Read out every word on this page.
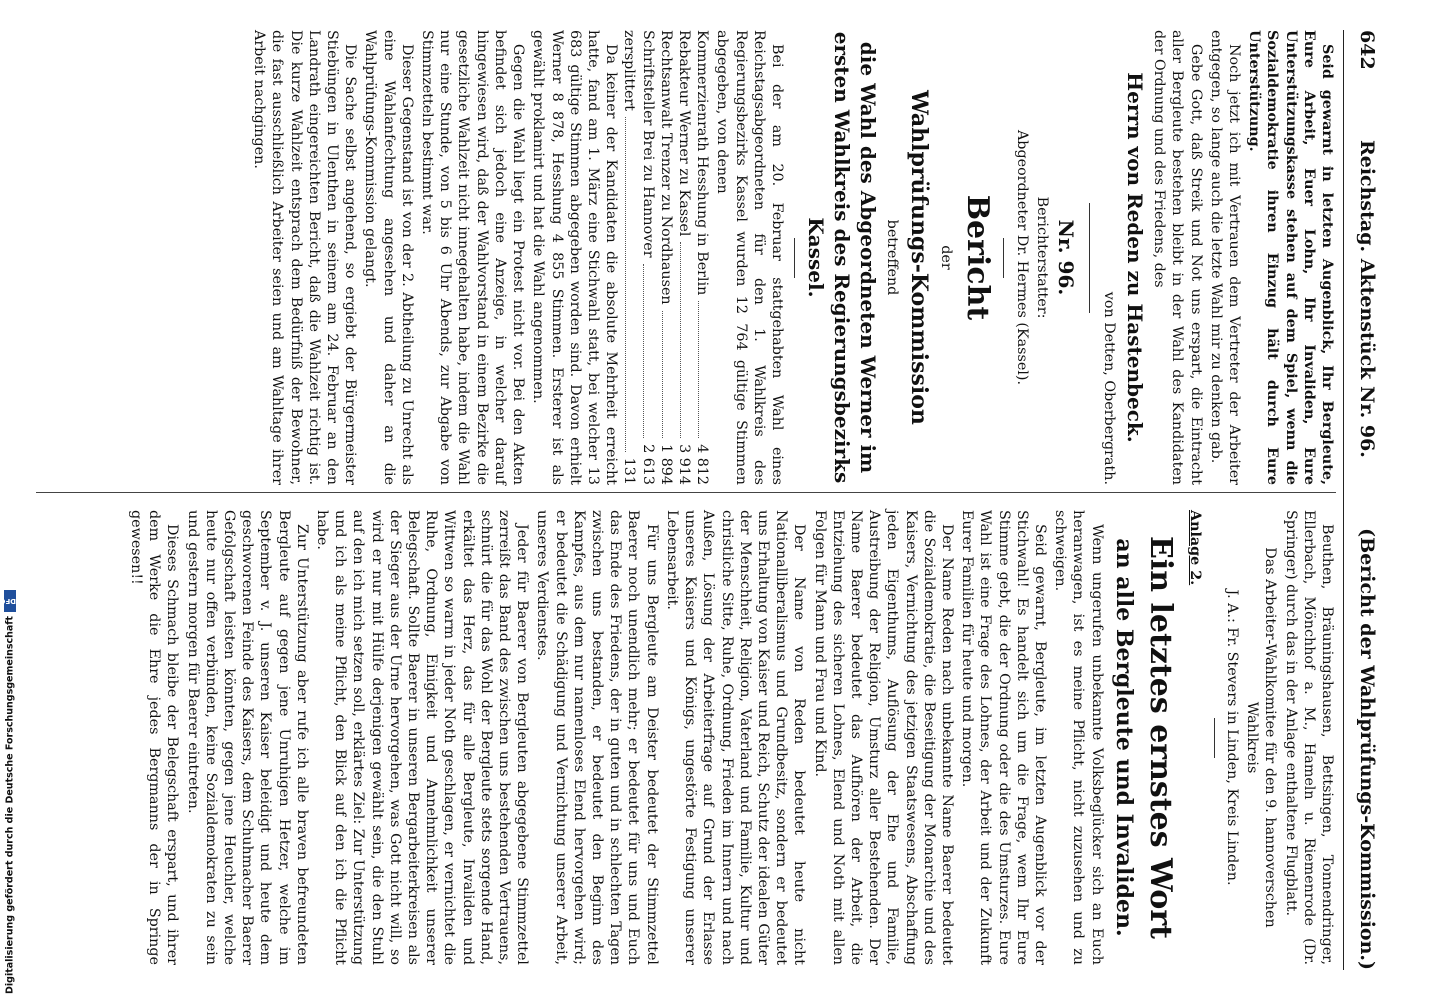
642
Reichstag. Aktenstück Nr. 96.
(Bericht der Wahlprüfungs-Kommission.)

Seid gewarnt in letzten Augenblick, Ihr Bergleute, Eure Arbeit, Euer Lohn, Ihr Invaliden, Eure Unterstützungskasse stehen auf dem Spiel, wenn die Sozialdemokratie ihren Einzug hält durch Eure Unterstützung.

Noch jetzt ich mit Vertrauen dem Vertreter der Arbeiter entgegen, so lange auch die letzte Wahl mir zu denken gab.

Gebe Gott, daß Streik und Not uns erspart, die Eintracht aller Bergleute bestehen bleibt in der Wahl des Kandidaten der Ordnung und des Friedens, des

Herrn von Reden zu Hastenbeck.

von Detten, Oberbergrath.

Nr. 96.

Berichterstatter:

Abgeordneter Dr. Hermes (Kassel).

Bericht

der

Wahlprüfungs-Kommission

betreffend

die Wahl des Abgeordneten Werner im ersten Wahlkreis des Regierungsbezirks Kassel.

Bei der am 20. Februar stattgehabten Wahl eines Reichstagsabgeordneten für den 1. Wahlkreis des Regierungsbezirks Kassel wurden 12 764 gültige Stimmen abgegeben, von denen

Kommerzienrath Hesshung in Berlin
4 812
Rebakteur Werner zu Kassel
3 914
Rechtsanwalt Trenzer zu Nordhausen
1 894
Schriftsteller Brei zu Hannover
2 613
zersplittert
131

Da keiner der Kandidaten die absolute Mehrheit erreicht hatte, fand am 1. März eine Stichwahl statt, bei welcher 13 683 gültige Stimmen abgegeben worden sind. Davon erhielt Werner 8 878, Hesshung 4 855 Stimmen. Ersterer ist als gewählt proklamirt und hat die Wahl angenommen.

Gegen die Wahl liegt ein Protest nicht vor. Bei den Akten befindet sich jedoch eine Anzeige, in welcher darauf hingewiesen wird, daß der Wahlvorstand in einem Bezirke die gesetzliche Wahlzeit nicht innegehalten habe, indem die Wahl nur eine Stunde, von 5 bis 6 Uhr Abends, zur Abgabe von Stimmzetteln bestimmt war.

Dieser Gegenstand ist von der 2. Abtheilung zu Unrecht als eine Wahlanfechtung angesehen und daher an die Wahlprüfungs-Kommission gelangt.

Die Sache selbst angehend, so ergiebt der Bürgermeister Stiebüngen in Ulenthen in seinem am 24. Februar an den Landrath eingereichten Bericht, daß die Wahlzeit richtig ist. Die kurze Wahlzeit entsprach dem Bedürfniß der Bewohner, die fast ausschließlich Arbeiter seien und am Wahltage ihrer Arbeit nachgingen.

Beuthen, Bräuningshausen, Bettsingen, Tonnendringer, Ellerbach, Mönchhof a. M., Hameln u. Riemenrode (Dr. Springer) durch das in der Anlage enthaltene Flugblatt.

Das Arbeiter-Wahlkomitee für den 9. hannoverschen Wahlkreis

J. A.: Fr. Stevers in Linden, Kreis Linden.

Anlage 2.

Ein letztes ernstes Wort

an alle Bergleute und Invaliden.

Wenn ungerufen unbekannte Volksbeglücker sich an Euch heranwagen, ist es meine Pflicht, nicht zuzusehen und zu schweigen.

Seid gewarnt, Bergleute, im letzten Augenblick vor der Stichwahl! Es handelt sich um die Frage, wem Ihr Eure Stimme gebt, die der Ordnung oder die des Umsturzes. Eure Wahl ist eine Frage des Lohnes, der Arbeit und der Zukunft Eurer Familien für heute und morgen.

Der Name Reden nach unbekannte Name Baerer bedeutet die Sozialdemokratie, die Beseitigung der Monarchie und des Kaisers, Vernichtung des jetzigen Staatswesens, Abschaffung jeden Eigenthums, Auflösung der Ehe und Familie, Austreibung der Religion, Umsturz aller Bestehenden. Der Name Baerer bedeutet das Aufhören der Arbeit, die Entziehung des sicheren Lohnes, Elend und Noth mit allen Folgen für Mann und Frau und Kind.

Der Name von Reden bedeutet heute nicht Nationalliberalismus und Grundbesitz, sondern er bedeutet uns Erhaltung von Kaiser und Reich, Schutz der idealen Güter der Menschheit, Religion, Vaterland und Familie, Kultur und christliche Sitte, Ruhe, Ordnung, Frieden im Innern und nach Außen, Lösung der Arbeiterfrage auf Grund der Erlasse unseres Kaisers und Königs, ungestörte Festigung unserer Lebensarbeit.

Für uns Bergleute am Deister bedeutet der Stimmzettel Baerer noch unendlich mehr; er bedeutet für uns und Euch das Ende des Friedens, der in guten und in schlechten Tagen zwischen uns bestanden, er bedeutet den Beginn des Kampfes, aus dem nur namenloses Elend hervorgehen wird; er bedeutet die Schädigung und Vernichtung unserer Arbeit, unseres Verdienstes.

Jeder für Baerer von Bergleuten abgegebene Stimmzettel zerreißt das Band des zwischen uns bestehenden Vertrauens, schnürt die für das Wohl der Bergleute stets sorgende Hand, erkältet das Herz, das für alle Bergleute, Invaliden und Wittwen so warm in jeder Noth geschlagen, er vernichtet die Ruhe, Ordnung, Einigkeit und Annehmlichkeit unserer Belegschaft. Sollte Baerer in unseren Bergarbeiterkreisen als der Sieger aus der Urne hervorgehen, was Gott nicht will, so wird er nur mit Hülfe derjenigen gewählt sein, die den Stuhl auf den ich mich setzen soll, erklärtes Ziel: Zur Unterstützung und ich als meine Pflicht, den Blick auf den ich die Pflicht habe.

Zur Unterstützung aber rufe ich alle braven befreundeten Bergleute auf gegen jene Unruhigen Hetzer, welche im September v. J. unseren Kaiser beleidigt und heute dem geschworenen Feinde des Kaisers, dem Schuhmacher Baerer Gefolgschaft leisten könnten, gegen jene Heuchler, welche heute nur offen verbünden, keine Sozialdemokraten zu sein und gestern morgen für Baerer eintreten.

Dieses Schmach bleibe der Belegschaft erspart, und ihrer dem Werke die Ehre jedes Bergmanns der in Springe gewesen!!

Digitalisierung gefördert durch die Deutsche Forschungsgemeinschaft
DFG
